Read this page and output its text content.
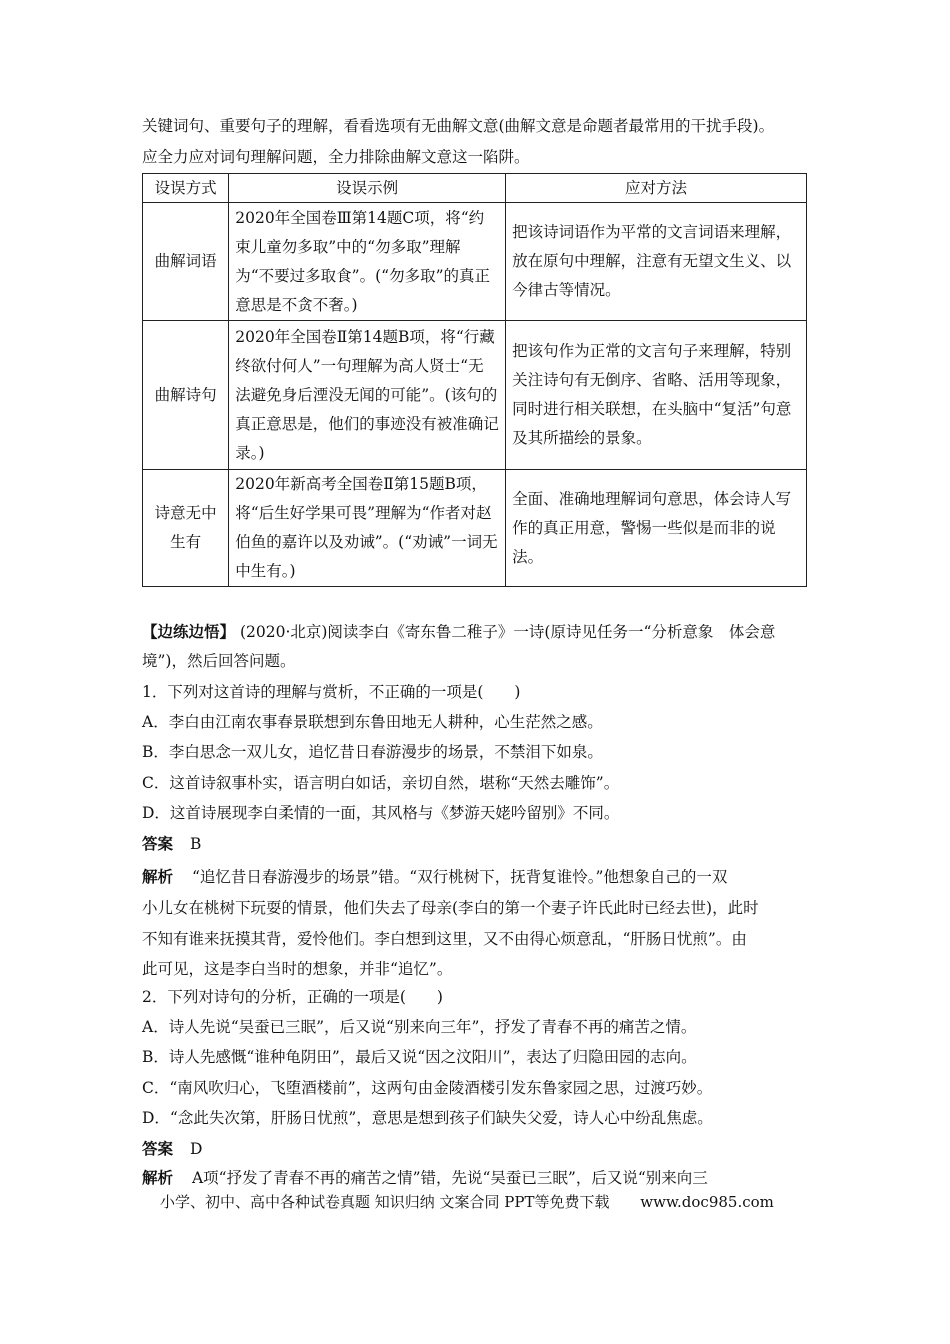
关键词句、重要句子的理解，看看选项有无曲解文意(曲解文意是命题者最常用的干扰手段)。
应全力应对词句理解问题，全力排除曲解文意这一陷阱。
设误方式	设误示例	应对方法
曲解词语	2020年全国卷Ⅲ第14题C项，将“约束儿童勿多取”中的“勿多取”理解为“不要过多取食”。(“勿多取”的真正意思是不贪不奢。)	把该诗词语作为平常的文言词语来理解，放在原句中理解，注意有无望文生义、以今律古等情况。
曲解诗句	2020年全国卷Ⅱ第14题B项，将“行藏终欲付何人”一句理解为高人贤士“无法避免身后湮没无闻的可能”。(该句的真正意思是，他们的事迹没有被准确记录。)	把该句作为正常的文言句子来理解，特别关注诗句有无倒序、省略、活用等现象，同时进行相关联想，在头脑中“复活”句意及其所描绘的景象。
诗意无中生有	2020年新高考全国卷Ⅱ第15题B项，将“后生好学果可畏”理解为“作者对赵伯鱼的嘉许以及劝诫”。(“劝诫”一词无中生有。)	全面、准确地理解词句意思，体会诗人写作的真正用意，警惕一些似是而非的说法。
【边练边悟】 (2020·北京)阅读李白《寄东鲁二稚子》一诗(原诗见任务一“分析意象　体会意
境”)，然后回答问题。
1．下列对这首诗的理解与赏析，不正确的一项是(　　)
A．李白由江南农事春景联想到东鲁田地无人耕种，心生茫然之感。
B．李白思念一双儿女，追忆昔日春游漫步的场景，不禁泪下如泉。
C．这首诗叙事朴实，语言明白如话，亲切自然，堪称“天然去雕饰”。
D．这首诗展现李白柔情的一面，其风格与《梦游天姥吟留别》不同。
答案 B
解析 “追忆昔日春游漫步的场景”错。“双行桃树下，抚背复谁怜。”他想象自己的一双
小儿女在桃树下玩耍的情景，他们失去了母亲(李白的第一个妻子许氏此时已经去世)，此时
不知有谁来抚摸其背，爱怜他们。李白想到这里，又不由得心烦意乱，“肝肠日忧煎”。由
此可见，这是李白当时的想象，并非“追忆”。
2．下列对诗句的分析，正确的一项是(　　)
A．诗人先说“吴蚕已三眠”，后又说“别来向三年”，抒发了青春不再的痛苦之情。
B．诗人先感慨“谁种龟阴田”，最后又说“因之汶阳川”，表达了归隐田园的志向。
C．“南风吹归心，飞堕酒楼前”，这两句由金陵酒楼引发东鲁家园之思，过渡巧妙。
D．“念此失次第，肝肠日忧煎”，意思是想到孩子们缺失父爱，诗人心中纷乱焦虑。
答案 D
解析 A项“抒发了青春不再的痛苦之情”错，先说“吴蚕已三眠”，后又说“别来向三
小学、初中、高中各种试卷真题 知识归纳 文案合同 PPT等免费下载 www.doc985.com
